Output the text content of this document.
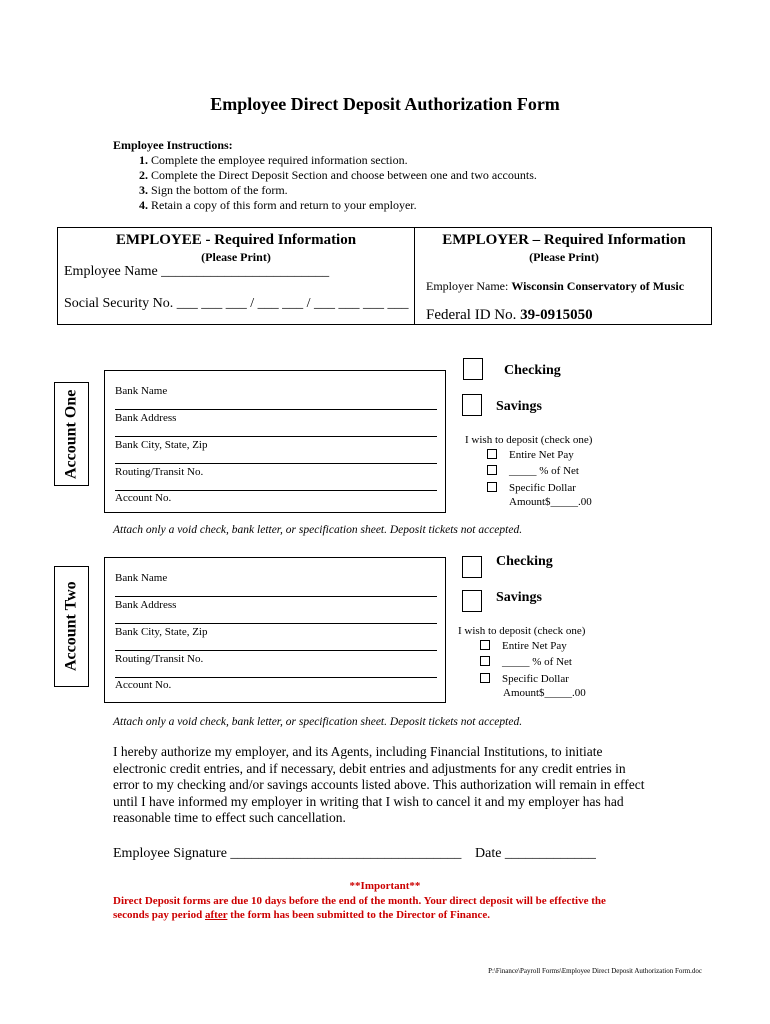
Employee Direct Deposit Authorization Form
Employee Instructions:
1. Complete the employee required information section.
2. Complete the Direct Deposit Section and choose between one and two accounts.
3. Sign the bottom of the form.
4. Retain a copy of this form and return to your employer.
EMPLOYEE - Required Information
(Please Print)
Employee Name ________________________
Social Security No. ___ ___ ___ / ___ ___ / ___ ___ ___ ___
EMPLOYER – Required Information
(Please Print)
Employer Name: Wisconsin Conservatory of Music
Federal ID No. 39-0915050
Account One	Bank Name
Bank Address
Bank City, State, Zip
Routing/Transit No.
Account No.
Checking
Savings
I wish to deposit (check one)
Entire Net Pay
_____ % of Net
Specific Dollar
Amount$_____.00
Attach only a void check, bank letter, or specification sheet. Deposit tickets not accepted.
Account Two
Bank Name
Bank Address
Bank City, State, Zip
Routing/Transit No.
Account No.
Checking
Savings
I wish to deposit (check one)
Entire Net Pay
_____ % of Net
Specific Dollar
Amount$_____.00
Attach only a void check, bank letter, or specification sheet. Deposit tickets not accepted.
I hereby authorize my employer, and its Agents, including Financial Institutions, to initiate electronic credit entries, and if necessary, debit entries and adjustments for any credit entries in error to my checking and/or savings accounts listed above. This authorization will remain in effect until I have informed my employer in writing that I wish to cancel it and my employer has had reasonable time to effect such cancellation.
Employee Signature _________________________________ Date _____________
**Important**
Direct Deposit forms are due 10 days before the end of the month. Your direct deposit will be effective the seconds pay period after the form has been submitted to the Director of Finance.
P:\Finance\Payroll Forms\Employee Direct Deposit Authorization Form.doc
